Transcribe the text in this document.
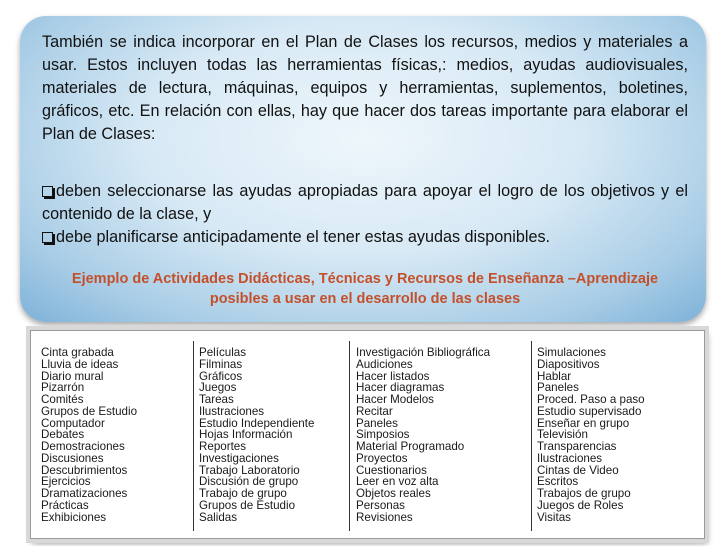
También se indica incorporar en el Plan de Clases los recursos, medios y materiales a usar. Estos incluyen todas las herramientas físicas,: medios, ayudas audiovisuales, materiales de lectura, máquinas, equipos y herramientas, suplementos, boletines, gráficos, etc. En relación con ellas, hay que hacer dos tareas importante para elaborar el Plan de Clases:
deben seleccionarse las ayudas apropiadas para apoyar el logro de los objetivos y el contenido de la clase, y
debe planificarse anticipadamente el tener estas ayudas disponibles.
Ejemplo de Actividades Didácticas, Técnicas y Recursos de Enseñanza –Aprendizaje posibles a usar en el desarrollo de las clases
Cinta grabada
Lluvia de ideas
Diario mural
Pizarrón
Comités
Grupos de Estudio
Computador
Debates
Demostraciones
Discusiones
Descubrimientos
Ejercicios
Dramatizaciones
Prácticas
Exhibiciones
Películas
Filminas
Gráficos
Juegos
Tareas
Ilustraciones
Estudio Independiente
Hojas Información
Reportes
Investigaciones
Trabajo Laboratorio
Discusión de grupo
Trabajo de grupo
Grupos de Estudio
Salidas
Investigación Bibliográfica
Audiciones
Hacer listados
Hacer diagramas
Hacer Modelos
Recitar
Paneles
Simposios
Material Programado
Proyectos
Cuestionarios
Leer en voz alta
Objetos reales
Personas
Revisiones
Simulaciones
Diapositivos
Hablar
Paneles
Proced. Paso a paso
Estudio supervisado
Enseñar en grupo
Televisión
Transparencias
Ilustraciones
Cintas de Video
Escritos
Trabajos de grupo
Juegos de Roles
Visitas
